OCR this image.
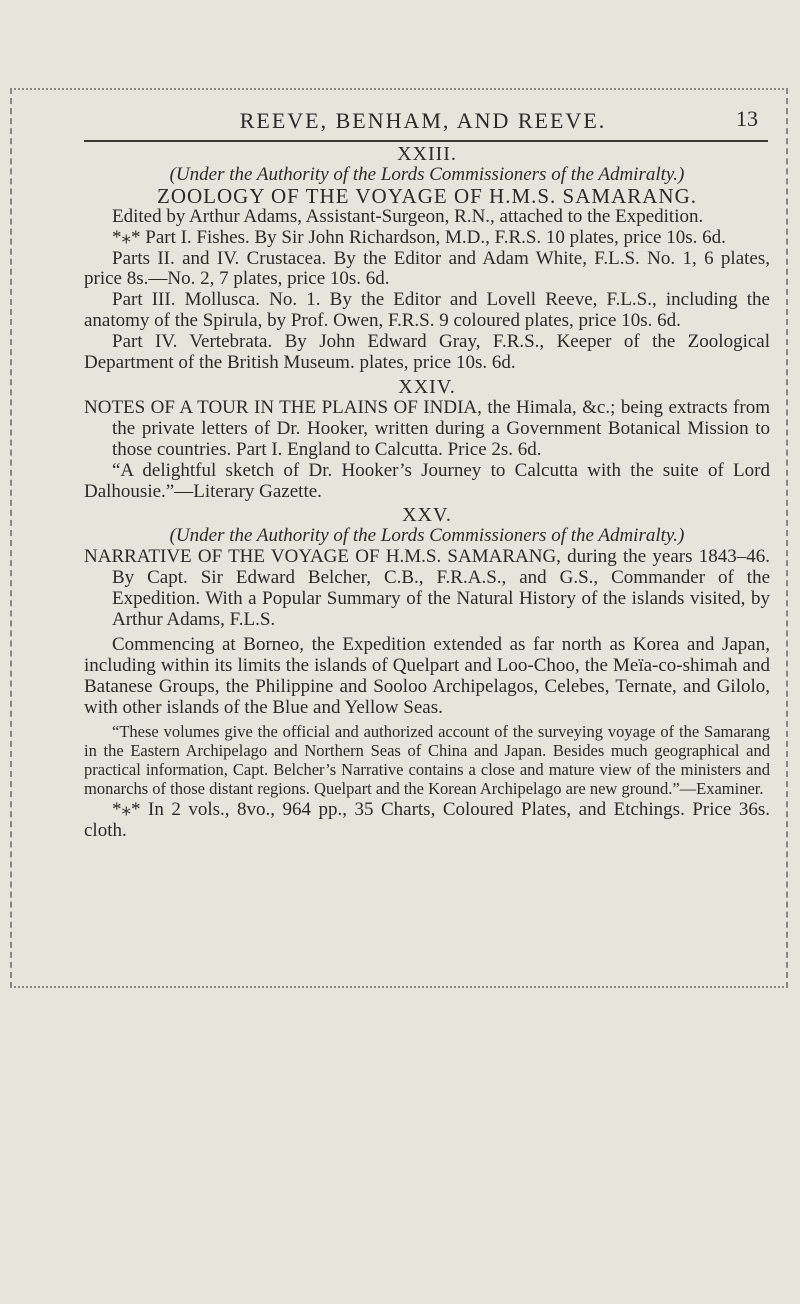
REEVE, BENHAM, AND REEVE.	13

XXIII.

(Under the Authority of the Lords Commissioners of the Admiralty.)

ZOOLOGY OF THE VOYAGE OF H.M.S. SAMARANG.

Edited by Arthur Adams, Assistant-Surgeon, R.N., attached to the Expedition.

*⁎* Part I. Fishes. By Sir John Richardson, M.D., F.R.S. 10 plates, price 10s. 6d.

Parts II. and IV. Crustacea. By the Editor and Adam White, F.L.S. No. 1, 6 plates, price 8s.—No. 2, 7 plates, price 10s. 6d.

Part III. Mollusca. No. 1. By the Editor and Lovell Reeve, F.L.S., including the anatomy of the Spirula, by Prof. Owen, F.R.S. 9 coloured plates, price 10s. 6d.

Part IV. Vertebrata. By John Edward Gray, F.R.S., Keeper of the Zoological Department of the British Museum. plates, price 10s. 6d.

XXIV.

NOTES OF A TOUR IN THE PLAINS OF INDIA, the Himala, &c.; being extracts from the private letters of Dr. Hooker, written during a Government Botanical Mission to those countries. Part I. England to Calcutta. Price 2s. 6d.

“A delightful sketch of Dr. Hooker’s Journey to Calcutta with the suite of Lord Dalhousie.”—Literary Gazette.

XXV.

(Under the Authority of the Lords Commissioners of the Admiralty.)

NARRATIVE OF THE VOYAGE OF H.M.S. SAMARANG, during the years 1843–46. By Capt. Sir Edward Belcher, C.B., F.R.A.S., and G.S., Commander of the Expedition. With a Popular Summary of the Natural History of the islands visited, by Arthur Adams, F.L.S.

Commencing at Borneo, the Expedition extended as far north as Korea and Japan, including within its limits the islands of Quelpart and Loo-Choo, the Meïa-co-shimah and Batanese Groups, the Philippine and Sooloo Archipelagos, Celebes, Ternate, and Gilolo, with other islands of the Blue and Yellow Seas.

“These volumes give the official and authorized account of the surveying voyage of the Samarang in the Eastern Archipelago and Northern Seas of China and Japan. Besides much geographical and practical information, Capt. Belcher’s Narrative contains a close and mature view of the ministers and monarchs of those distant regions. Quelpart and the Korean Archipelago are new ground.”—Examiner.

*⁎* In 2 vols., 8vo., 964 pp., 35 Charts, Coloured Plates, and Etchings. Price 36s. cloth.
